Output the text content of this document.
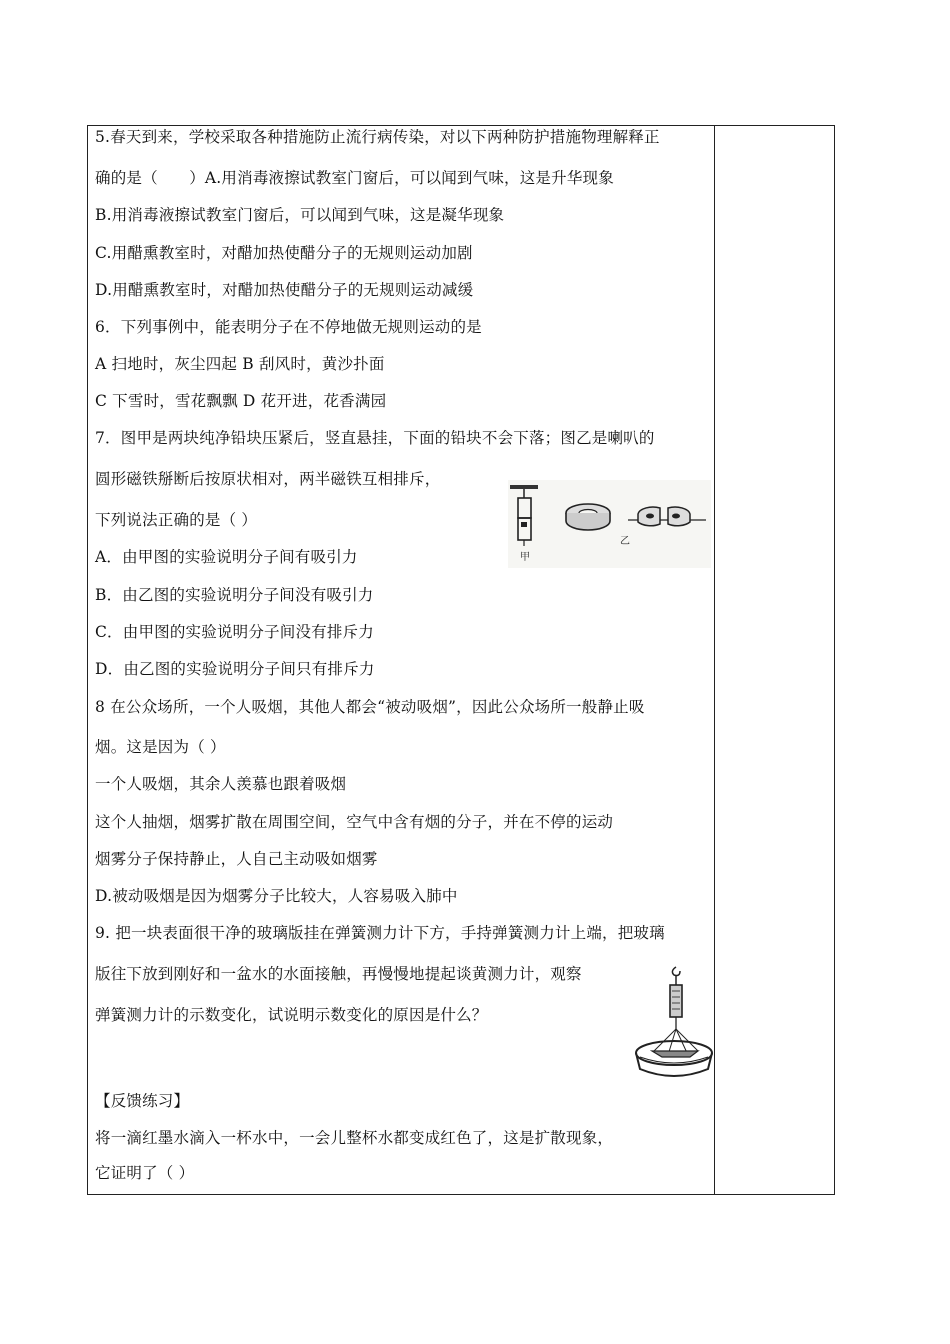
5.春天到来，学校采取各种措施防止流行病传染，对以下两种防护措施物理解释正
确的是（　　）A.用消毒液擦试教室门窗后，可以闻到气味，这是升华现象
B.用消毒液擦试教室门窗后，可以闻到气味，这是凝华现象
C.用醋熏教室时，对醋加热使醋分子的无规则运动加剧
D.用醋熏教室时，对醋加热使醋分子的无规则运动减缓
6．下列事例中，能表明分子在不停地做无规则运动的是
A 扫地时，灰尘四起 B 刮风时，黄沙扑面
C 下雪时，雪花飘飘 D 花开进，花香满园
7．图甲是两块纯净铅块压紧后，竖直悬挂，下面的铅块不会下落；图乙是喇叭的
圆形磁铁掰断后按原状相对，两半磁铁互相排斥，
下列说法正确的是（ ）
A．由甲图的实验说明分子间有吸引力
B．由乙图的实验说明分子间没有吸引力
C．由甲图的实验说明分子间没有排斥力
D．由乙图的实验说明分子间只有排斥力
8 在公众场所，一个人吸烟，其他人都会“被动吸烟”，因此公众场所一般静止吸
烟。这是因为（ ）
一个人吸烟，其余人羡慕也跟着吸烟
这个人抽烟，烟雾扩散在周围空间，空气中含有烟的分子，并在不停的运动
烟雾分子保持静止，人自己主动吸如烟雾
D.被动吸烟是因为烟雾分子比较大，人容易吸入肺中
9. 把一块表面很干净的玻璃版挂在弹簧测力计下方，手持弹簧测力计上端，把玻璃
版往下放到刚好和一盆水的水面接触，再慢慢地提起谈黄测力计，观察
弹簧测力计的示数变化，试说明示数变化的原因是什么？
【反馈练习】
将一滴红墨水滴入一杯水中，一会儿整杯水都变成红色了，这是扩散现象，
它证明了（ ）
甲
乙
